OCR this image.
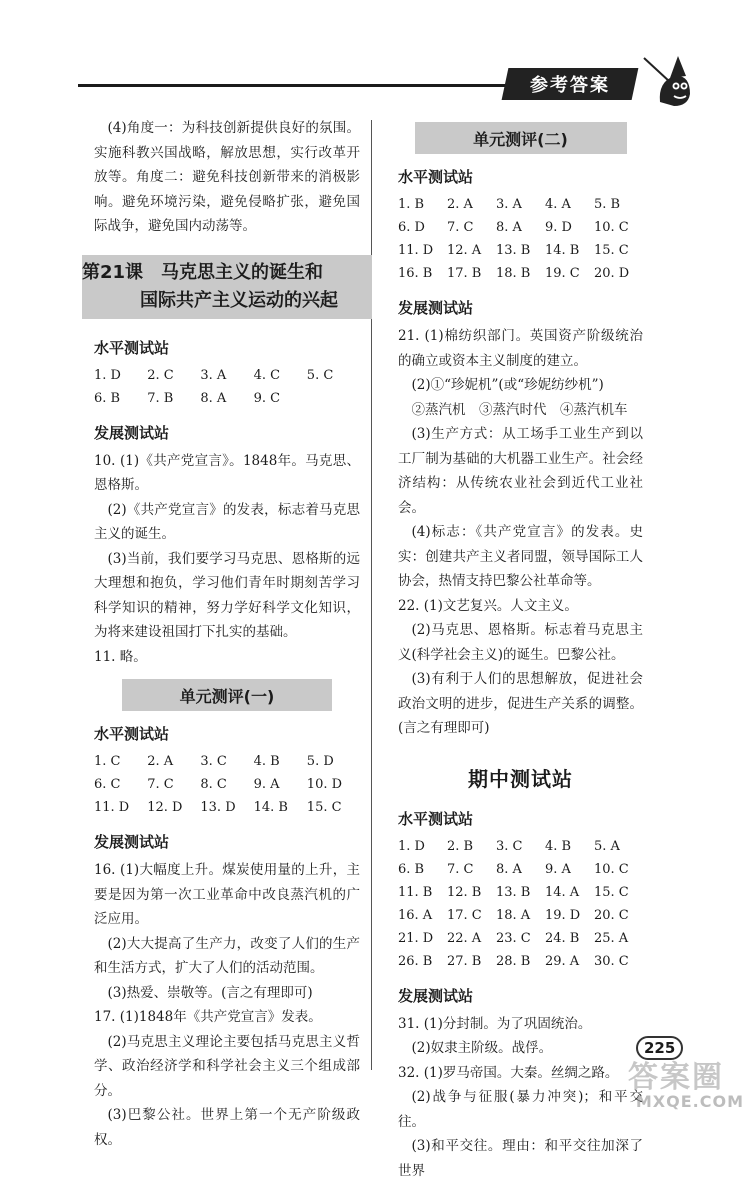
参考答案

(4)角度一：为科技创新提供良好的氛围。实施科教兴国战略，解放思想，实行改革开放等。角度二：避免科技创新带来的消极影响。避免环境污染，避免侵略扩张，避免国际战争，避免国内动荡等。

第21课　马克思主义的诞生和
国际共产主义运动的兴起
水平测试站
1. D	2. C	3. A	4. C	5. C
6. B	7. B	8. A	9. C
发展测试站

10. (1)《共产党宣言》。1848年。马克思、恩格斯。

(2)《共产党宣言》的发表，标志着马克思主义的诞生。

(3)当前，我们要学习马克思、恩格斯的远大理想和抱负，学习他们青年时期刻苦学习科学知识的精神，努力学好科学文化知识，为将来建设祖国打下扎实的基础。

11. 略。

单元测评(一)
水平测试站
1. C	2. A	3. C	4. B	5. D
6. C	7. C	8. C	9. A	10. D
11. D	12. D	13. D	14. B	15. C
发展测试站

16. (1)大幅度上升。煤炭使用量的上升，主要是因为第一次工业革命中改良蒸汽机的广泛应用。

(2)大大提高了生产力，改变了人们的生产和生活方式，扩大了人们的活动范围。

(3)热爱、崇敬等。(言之有理即可)

17. (1)1848年《共产党宣言》发表。

(2)马克思主义理论主要包括马克思主义哲学、政治经济学和科学社会主义三个组成部分。

(3)巴黎公社。世界上第一个无产阶级政权。

单元测评(二)
水平测试站
1. B	2. A	3. A	4. A	5. B
6. D	7. C	8. A	9. D	10. C
11. D	12. A	13. B	14. B	15. C
16. B	17. B	18. B	19. C	20. D
发展测试站

21. (1)棉纺织部门。英国资产阶级统治的确立或资本主义制度的建立。

(2)①“珍妮机”(或“珍妮纺纱机”)

②蒸汽机　③蒸汽时代　④蒸汽机车

(3)生产方式：从工场手工业生产到以工厂制为基础的大机器工业生产。社会经济结构：从传统农业社会到近代工业社会。

(4)标志：《共产党宣言》的发表。史实：创建共产主义者同盟，领导国际工人协会，热情支持巴黎公社革命等。

22. (1)文艺复兴。人文主义。

(2)马克思、恩格斯。标志着马克思主义(科学社会主义)的诞生。巴黎公社。

(3)有利于人们的思想解放，促进社会政治文明的进步，促进生产关系的调整。(言之有理即可)

期中测试站
水平测试站
1. D	2. B	3. C	4. B	5. A
6. B	7. C	8. A	9. A	10. C
11. B	12. B	13. B	14. A	15. C
16. A	17. C	18. A	19. D	20. C
21. D	22. A	23. C	24. B	25. A
26. B	27. B	28. B	29. A	30. C
发展测试站

31. (1)分封制。为了巩固统治。

(2)奴隶主阶级。战俘。

32. (1)罗马帝国。大秦。丝绸之路。

(2)战争与征服(暴力冲突)；和平交往。

(3)和平交往。理由：和平交往加深了世界

225
答案圈
MXQE.COM
